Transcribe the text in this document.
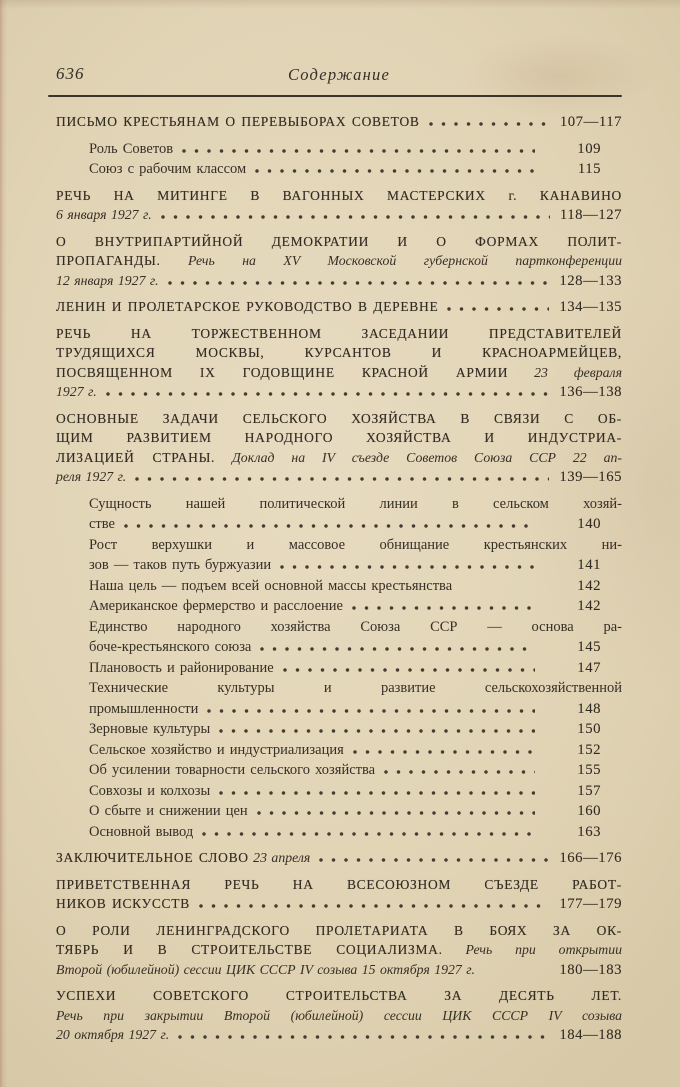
636	Содержание
ПИСЬМО КРЕСТЬЯНАМ О ПЕРЕВЫБОРАХ СОВЕТОВ	107—117
Роль Советов	109
Союз с рабочим классом	115
РЕЧЬ НА МИТИНГЕ В ВАГОННЫХ МАСТЕРСКИХ г. КАНАВИНО
6 января 1927 г.	118—127
О ВНУТРИПАРТИЙНОЙ ДЕМОКРАТИИ И О ФОРМАХ ПОЛИТ-
ПРОПАГАНДЫ. Речь на XV Московской губернской партконференции
12 января 1927 г.	128—133
ЛЕНИН И ПРОЛЕТАРСКОЕ РУКОВОДСТВО В ДЕРЕВНЕ	134—135
РЕЧЬ НА ТОРЖЕСТВЕННОМ ЗАСЕДАНИИ ПРЕДСТАВИТЕЛЕЙ
ТРУДЯЩИХСЯ МОСКВЫ, КУРСАНТОВ И КРАСНОАРМЕЙЦЕВ,
ПОСВЯЩЕННОМ IX ГОДОВЩИНЕ КРАСНОЙ АРМИИ 23 февраля
1927 г.	136—138
ОСНОВНЫЕ ЗАДАЧИ СЕЛЬСКОГО ХОЗЯЙСТВА В СВЯЗИ С ОБ-
ЩИМ РАЗВИТИЕМ НАРОДНОГО ХОЗЯЙСТВА И ИНДУСТРИА-
ЛИЗАЦИЕЙ СТРАНЫ. Доклад на IV съезде Советов Союза ССР 22 ап-
реля 1927 г.	139—165
Сущность нашей политической линии в сельском хозяй-
стве	140
Рост верхушки и массовое обнищание крестьянских ни-
зов — таков путь буржуазии	141
Наша цель — подъем всей основной массы крестьянства	142
Американское фермерство и расслоение	142
Единство народного хозяйства Союза ССР — основа ра-
боче-крестьянского союза	145
Плановость и районирование	147
Технические культуры и развитие сельскохозяйственной
промышленности	148
Зерновые культуры	150
Сельское хозяйство и индустриализация	152
Об усилении товарности сельского хозяйства	155
Совхозы и колхозы	157
О сбыте и снижении цен	160
Основной вывод	163
ЗАКЛЮЧИТЕЛЬНОЕ СЛОВО 23 апреля	166—176
ПРИВЕТСТВЕННАЯ РЕЧЬ НА ВСЕСОЮЗНОМ СЪЕЗДЕ РАБОТ-
НИКОВ ИСКУССТВ	177—179
О РОЛИ ЛЕНИНГРАДСКОГО ПРОЛЕТАРИАТА В БОЯХ ЗА ОК-
ТЯБРЬ И В СТРОИТЕЛЬСТВЕ СОЦИАЛИЗМА. Речь при открытии
Второй (юбилейной) сессии ЦИК СССР IV созыва 15 октября 1927 г.	180—183
УСПЕХИ СОВЕТСКОГО СТРОИТЕЛЬСТВА ЗА ДЕСЯТЬ ЛЕТ.
Речь при закрытии Второй (юбилейной) сессии ЦИК СССР IV созыва
20 октября 1927 г.	184—188
